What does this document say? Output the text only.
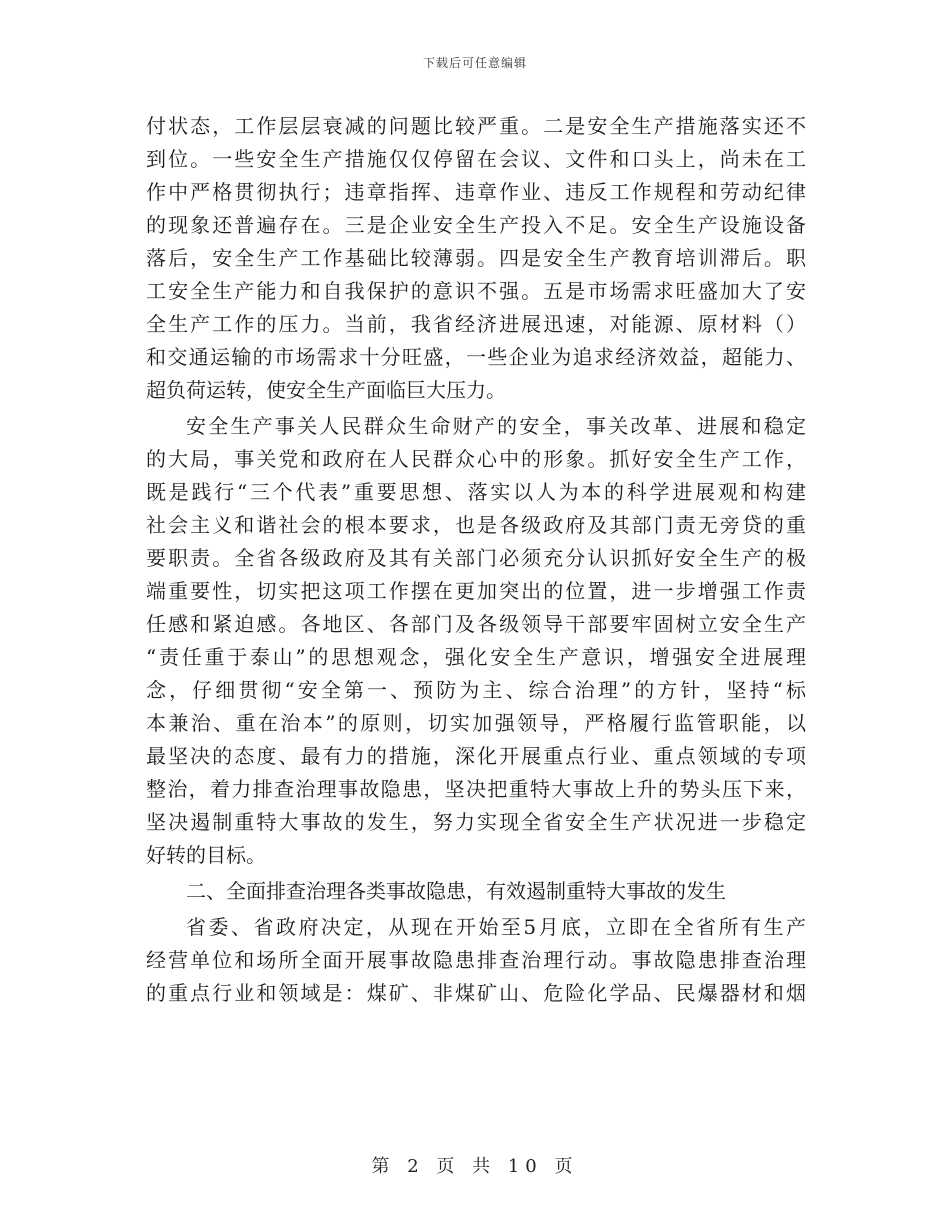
下载后可任意编辑
付状态，工作层层衰减的问题比较严重。二是安全生产措施落实还不
到位。一些安全生产措施仅仅停留在会议、文件和口头上，尚未在工
作中严格贯彻执行；违章指挥、违章作业、违反工作规程和劳动纪律
的现象还普遍存在。三是企业安全生产投入不足。安全生产设施设备
落后，安全生产工作基础比较薄弱。四是安全生产教育培训滞后。职
工安全生产能力和自我保护的意识不强。五是市场需求旺盛加大了安
全生产工作的压力。当前，我省经济进展迅速，对能源、原材料（）
和交通运输的市场需求十分旺盛，一些企业为追求经济效益，超能力、
超负荷运转，使安全生产面临巨大压力。
安全生产事关人民群众生命财产的安全，事关改革、进展和稳定
的大局，事关党和政府在人民群众心中的形象。抓好安全生产工作，
既是践行“三个代表”重要思想、落实以人为本的科学进展观和构建
社会主义和谐社会的根本要求，也是各级政府及其部门责无旁贷的重
要职责。全省各级政府及其有关部门必须充分认识抓好安全生产的极
端重要性，切实把这项工作摆在更加突出的位置，进一步增强工作责
任感和紧迫感。各地区、各部门及各级领导干部要牢固树立安全生产
“责任重于泰山”的思想观念，强化安全生产意识，增强安全进展理
念，仔细贯彻“安全第一、预防为主、综合治理”的方针，坚持“标
本兼治、重在治本”的原则，切实加强领导，严格履行监管职能，以
最坚决的态度、最有力的措施，深化开展重点行业、重点领域的专项
整治，着力排查治理事故隐患，坚决把重特大事故上升的势头压下来，
坚决遏制重特大事故的发生，努力实现全省安全生产状况进一步稳定
好转的目标。
二、全面排查治理各类事故隐患，有效遏制重特大事故的发生
省委、省政府决定，从现在开始至5月底，立即在全省所有生产
经营单位和场所全面开展事故隐患排查治理行动。事故隐患排查治理
的重点行业和领域是：煤矿、非煤矿山、危险化学品、民爆器材和烟
第 2 页 共 10 页
